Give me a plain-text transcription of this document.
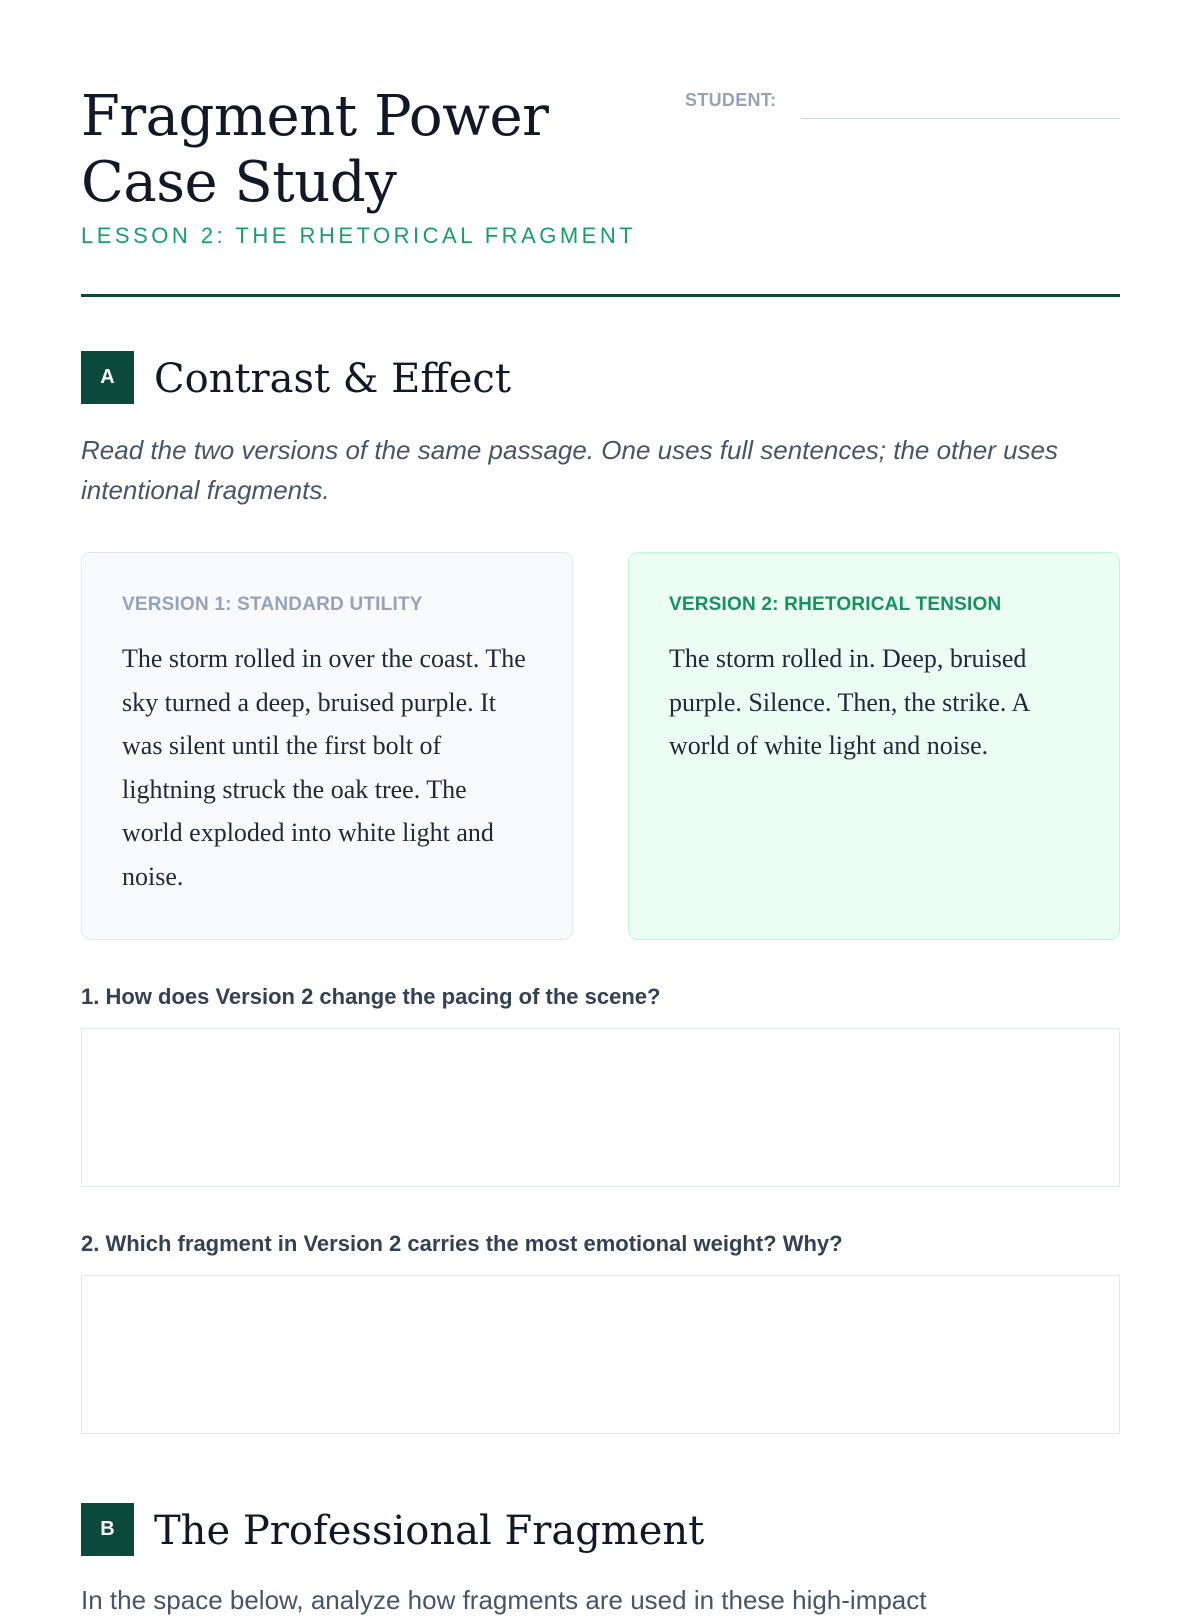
Fragment Power Case Study
STUDENT:
LESSON 2: THE RHETORICAL FRAGMENT
A Contrast & Effect

Read the two versions of the same passage. One uses full sentences; the other uses intentional fragments.

VERSION 1: STANDARD UTILITY

The storm rolled in over the coast. The sky turned a deep, bruised purple. It was silent until the first bolt of lightning struck the oak tree. The world exploded into white light and noise.

VERSION 2: RHETORICAL TENSION

The storm rolled in. Deep, bruised purple. Silence. Then, the strike. A world of white light and noise.

1. How does Version 2 change the pacing of the scene?

2. Which fragment in Version 2 carries the most emotional weight? Why?

B The Professional Fragment

In the space below, analyze how fragments are used in these high-impact
